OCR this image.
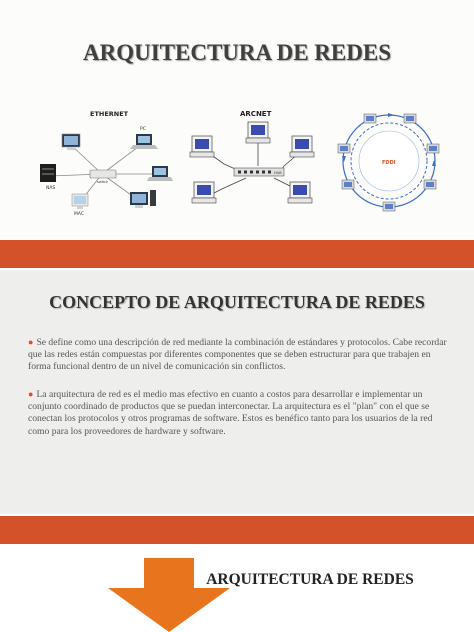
ARQUITECTURA DE REDES
ETHERNET
switch
PC
NAS
MAC
ARCNET
HUB
FDDI
CONCEPTO DE ARQUITECTURA DE REDES
● Se define como una descripción de red mediante la combinación de estándares y protocolos. Cabe recordar que las redes están compuestas por diferentes componentes que se deben estructurar para que trabajen en forma funcional dentro de un nivel de comunicación sin conflictos.
● La arquitectura de red es el medio mas efectivo en cuanto a costos para desarrollar e implementar un conjunto coordinado de productos que se puedan interconectar. La arquitectura es el "plan" con el que se conectan los protocolos y otros programas de software. Estos es benéfico tanto para los usuarios de la red como para los proveedores de hardware y software.
ARQUITECTURA DE REDES
